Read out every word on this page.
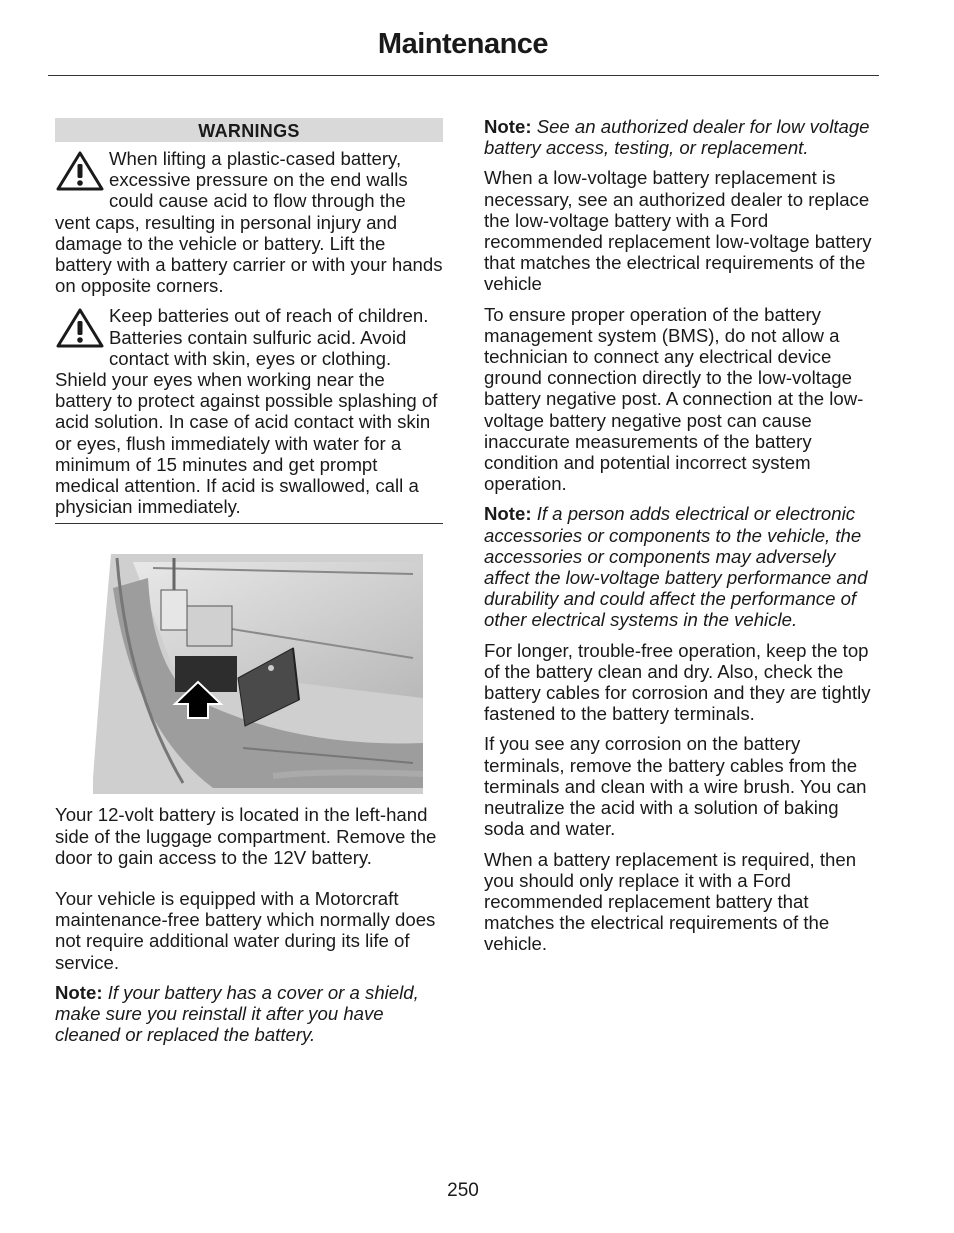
Maintenance
WARNINGS
When lifting a plastic-cased battery, excessive pressure on the end walls could cause acid to flow through the vent caps, resulting in personal injury and damage to the vehicle or battery. Lift the battery with a battery carrier or with your hands on opposite corners.
Keep batteries out of reach of children. Batteries contain sulfuric acid. Avoid contact with skin, eyes or clothing. Shield your eyes when working near the battery to protect against possible splashing of acid solution. In case of acid contact with skin or eyes, flush immediately with water for a minimum of 15 minutes and get prompt medical attention. If acid is swallowed, call a physician immediately.

Your 12-volt battery is located in the left-hand side of the luggage compartment. Remove the door to gain access to the 12V battery.

Your vehicle is equipped with a Motorcraft maintenance-free battery which normally does not require additional water during its life of service.

Note: If your battery has a cover or a shield, make sure you reinstall it after you have cleaned or replaced the battery.

Note: See an authorized dealer for low voltage battery access, testing, or replacement.

When a low-voltage battery replacement is necessary, see an authorized dealer to replace the low-voltage battery with a Ford recommended replacement low-voltage battery that matches the electrical requirements of the vehicle

To ensure proper operation of the battery management system (BMS), do not allow a technician to connect any electrical device ground connection directly to the low-voltage battery negative post. A connection at the low-voltage battery negative post can cause inaccurate measurements of the battery condition and potential incorrect system operation.

Note: If a person adds electrical or electronic accessories or components to the vehicle, the accessories or components may adversely affect the low-voltage battery performance and durability and could affect the performance of other electrical systems in the vehicle.

For longer, trouble-free operation, keep the top of the battery clean and dry. Also, check the battery cables for corrosion and they are tightly fastened to the battery terminals.

If you see any corrosion on the battery terminals, remove the battery cables from the terminals and clean with a wire brush. You can neutralize the acid with a solution of baking soda and water.

When a battery replacement is required, then you should only replace it with a Ford recommended replacement battery that matches the electrical requirements of the vehicle.

250
